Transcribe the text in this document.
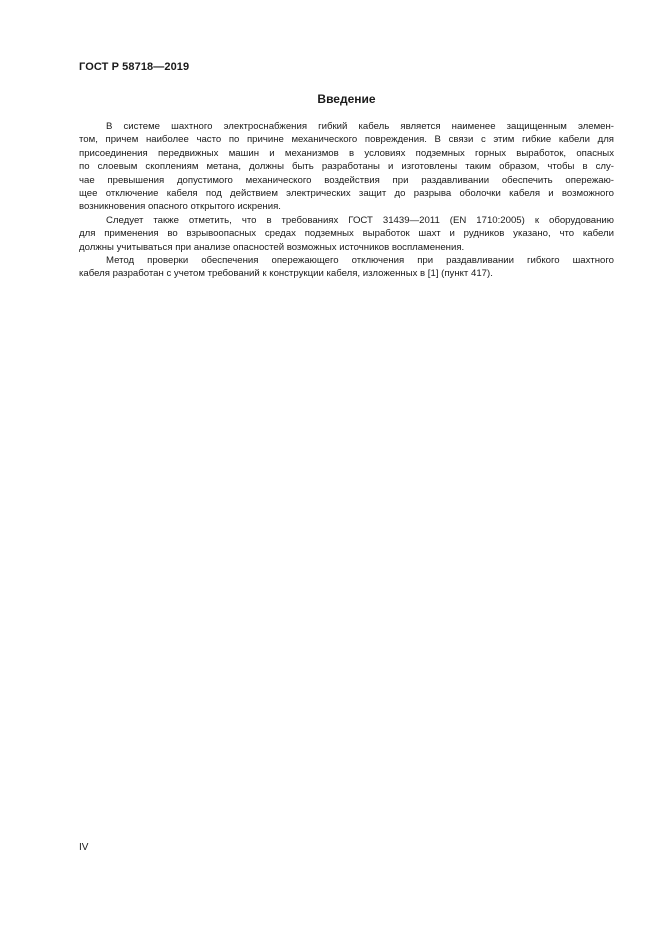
ГОСТ Р 58718—2019
Введение
В системе шахтного электроснабжения гибкий кабель является наименее защищенным элемен-
том, причем наиболее часто по причине механического повреждения. В связи с этим гибкие кабели для
присоединения передвижных машин и механизмов в условиях подземных горных выработок, опасных
по слоевым скоплениям метана, должны быть разработаны и изготовлены таким образом, чтобы в слу-
чае превышения допустимого механического воздействия при раздавливании обеспечить опережаю-
щее отключение кабеля под действием электрических защит до разрыва оболочки кабеля и возможного
возникновения опасного открытого искрения.
Следует также отметить, что в требованиях ГОСТ 31439—2011 (EN 1710:2005) к оборудованию
для применения во взрывоопасных средах подземных выработок шахт и рудников указано, что кабели
должны учитываться при анализе опасностей возможных источников воспламенения.
Метод проверки обеспечения опережающего отключения при раздавливании гибкого шахтного
кабеля разработан с учетом требований к конструкции кабеля, изложенных в [1] (пункт 417).
IV
